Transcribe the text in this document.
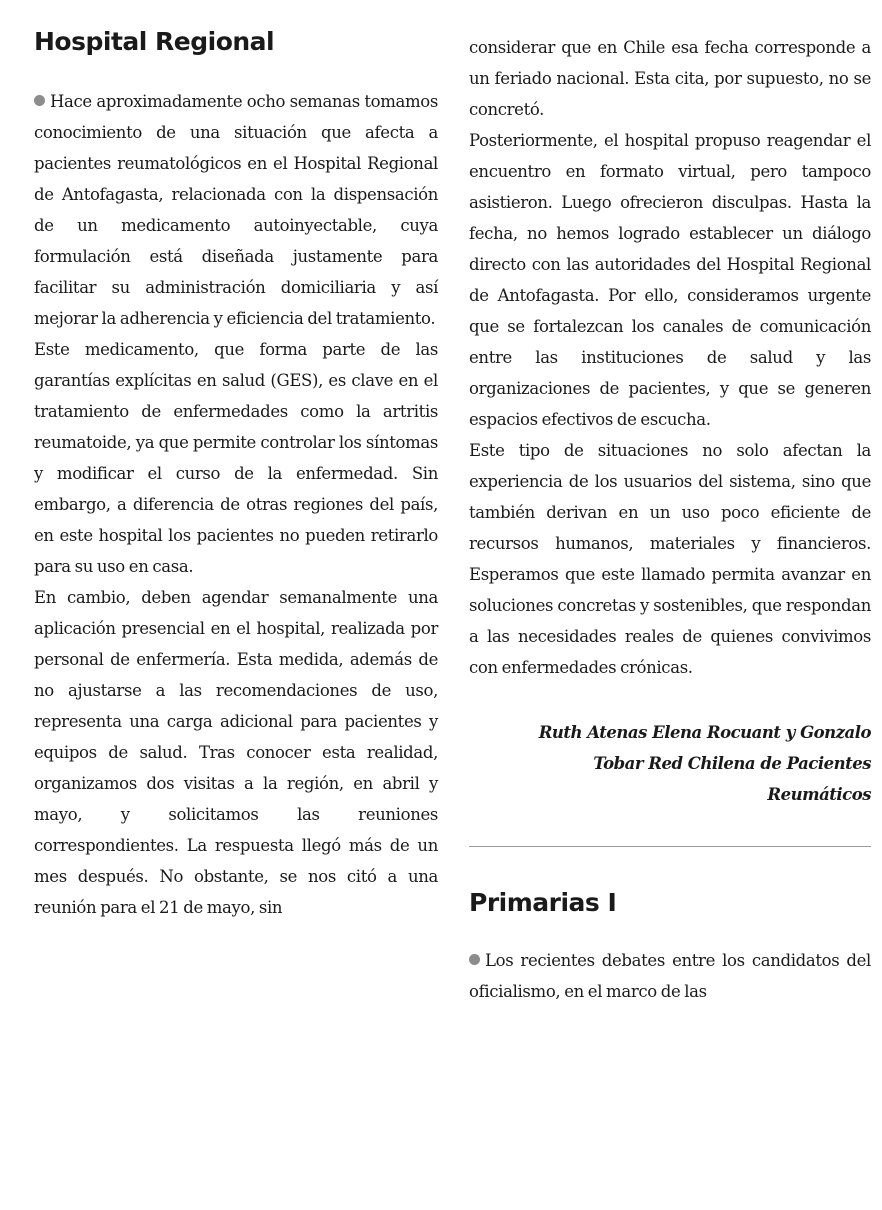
Hospital Regional

Hace aproximadamente ocho semanas tomamos conocimiento de una situación que afecta a pacientes reumatológicos en el Hospital Regional de Antofagasta, relacionada con la dispensación de un medicamento autoinyectable, cuya formulación está diseñada justamente para facilitar su administración domiciliaria y así mejorar la adherencia y eficiencia del tratamiento.

Este medicamento, que forma parte de las garantías explícitas en salud (GES), es clave en el tratamiento de enfermedades como la artritis reumatoide, ya que permite controlar los síntomas y modificar el curso de la enfermedad. Sin embargo, a diferencia de otras regiones del país, en este hospital los pacientes no pueden retirarlo para su uso en casa.

En cambio, deben agendar semanalmente una aplicación presencial en el hospital, realizada por personal de enfermería. Esta medida, además de no ajustarse a las recomendaciones de uso, representa una carga adicional para pacientes y equipos de salud. Tras conocer esta realidad, organizamos dos visitas a la región, en abril y mayo, y solicitamos las reuniones correspondientes. La respuesta llegó más de un mes después. No obstante, se nos citó a una reunión para el 21 de mayo, sin

considerar que en Chile esa fecha corresponde a un feriado nacional. Esta cita, por supuesto, no se concretó.

Posteriormente, el hospital propuso reagendar el encuentro en formato virtual, pero tampoco asistieron. Luego ofrecieron disculpas. Hasta la fecha, no hemos logrado establecer un diálogo directo con las autoridades del Hospital Regional de Antofagasta. Por ello, consideramos urgente que se fortalezcan los canales de comunicación entre las instituciones de salud y las organizaciones de pacientes, y que se generen espacios efectivos de escucha.

Este tipo de situaciones no solo afectan la experiencia de los usuarios del sistema, sino que también derivan en un uso poco eficiente de recursos humanos, materiales y financieros. Esperamos que este llamado permita avanzar en soluciones concretas y sostenibles, que respondan a las necesidades reales de quienes convivimos con enfermedades crónicas.

Ruth Atenas Elena Rocuant y Gonzalo Tobar Red Chilena de Pacientes Reumáticos

Primarias I

Los recientes debates entre los candidatos del oficialismo, en el marco de las
